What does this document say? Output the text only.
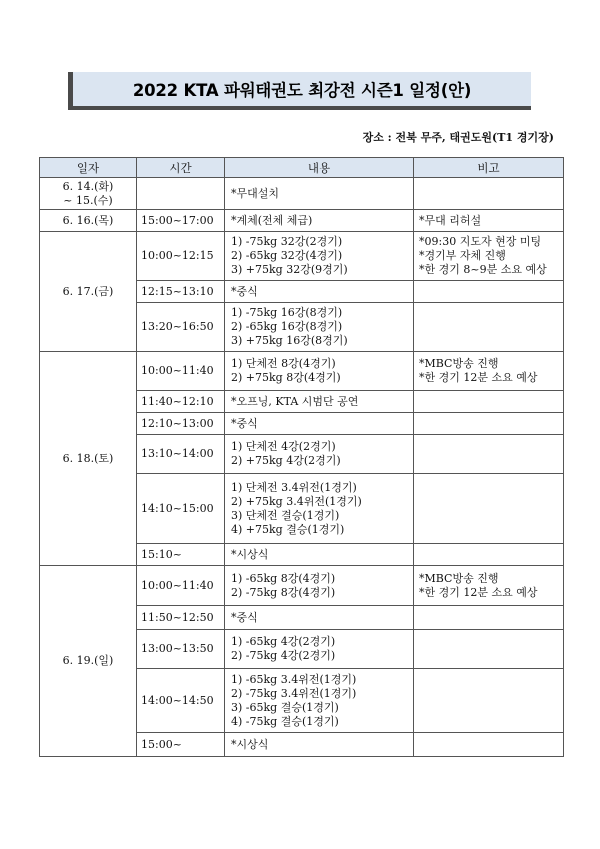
2022 KTA 파워태권도 최강전 시즌1 일정(안)
장소 : 전북 무주, 태권도원(T1 경기장)
일자	시간	내용	비고

6. 14.(화)
~ 15.(수)		*무대설치	

6. 16.(목)	15:00~17:00	*계체(전체 체급)	*무대 리허설

6. 17.(금)	10:00~12:15	1) -75kg 32강(2경기)
2) -65kg 32강(4경기)
3) +75kg 32강(9경기)	*09:30 지도자 현장 미팅
*경기부 자체 진행
*한 경기 8~9분 소요 예상

	12:15~13:10	*중식	

	13:20~16:50	1) -75kg 16강(8경기)
2) -65kg 16강(8경기)
3) +75kg 16강(8경기)	

6. 18.(토)	10:00~11:40	1) 단체전 8강(4경기)
2) +75kg 8강(4경기)	*MBC방송 진행
*한 경기 12분 소요 예상

	11:40~12:10	*오프닝, KTA 시범단 공연	

	12:10~13:00	*중식	

	13:10~14:00	1) 단체전 4강(2경기)
2) +75kg 4강(2경기)	

	14:10~15:00	1) 단체전 3.4위전(1경기)
2) +75kg 3.4위전(1경기)
3) 단체전 결승(1경기)
4) +75kg 결승(1경기)	

	15:10~	*시상식	

6. 19.(일)	10:00~11:40	1) -65kg 8강(4경기)
2) -75kg 8강(4경기)	*MBC방송 진행
*한 경기 12분 소요 예상

	11:50~12:50	*중식	

	13:00~13:50	1) -65kg 4강(2경기)
2) -75kg 4강(2경기)	

	14:00~14:50	1) -65kg 3.4위전(1경기)
2) -75kg 3.4위전(1경기)
3) -65kg 결승(1경기)
4) -75kg 결승(1경기)	

	15:00~	*시상식	
